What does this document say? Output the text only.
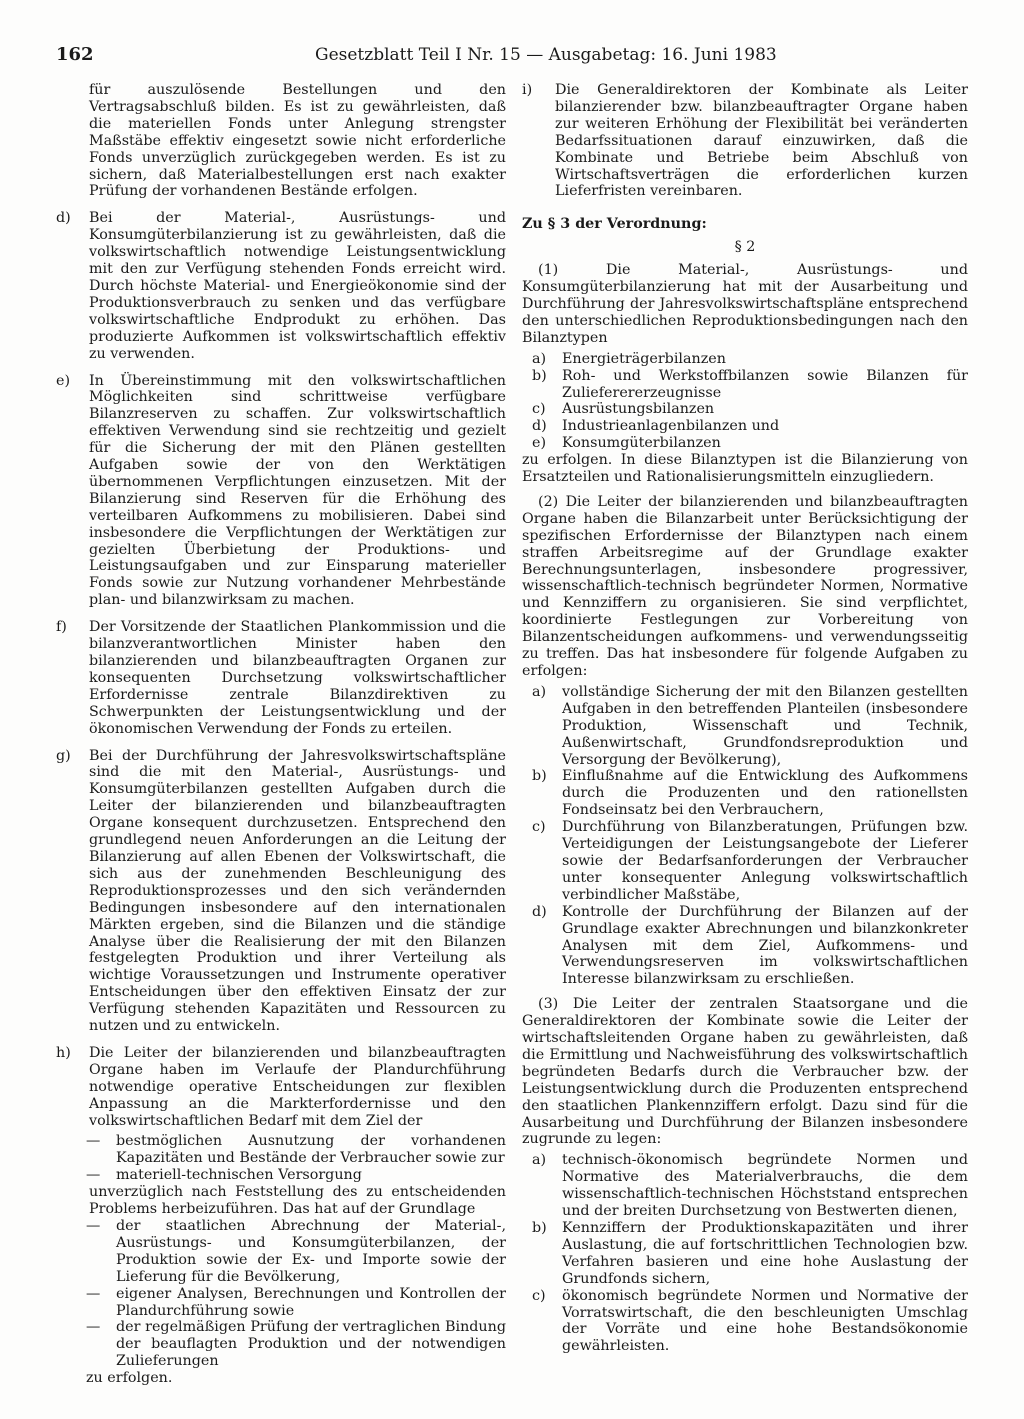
162	Gesetzblatt Teil I Nr. 15 — Ausgabetag: 16. Juni 1983
für auszulösende Bestellungen und den Vertragsabschluß bilden. Es ist zu gewährleisten, daß die materiellen Fonds unter Anlegung strengster Maßstäbe effektiv eingesetzt sowie nicht erforderliche Fonds unverzüglich zurückgegeben werden. Es ist zu sichern, daß Materialbestellungen erst nach exakter Prüfung der vorhandenen Bestände erfolgen.
d) Bei der Material-, Ausrüstungs- und Konsumgüterbilanzierung ist zu gewährleisten, daß die volkswirtschaftlich notwendige Leistungsentwicklung mit den zur Verfügung stehenden Fonds erreicht wird. Durch höchste Material- und Energieökonomie sind der Produktionsverbrauch zu senken und das verfügbare volkswirtschaftliche Endprodukt zu erhöhen. Das produzierte Aufkommen ist volkswirtschaftlich effektiv zu verwenden.
e) In Übereinstimmung mit den volkswirtschaftlichen Möglichkeiten sind schrittweise verfügbare Bilanzreserven zu schaffen. Zur volkswirtschaftlich effektiven Verwendung sind sie rechtzeitig und gezielt für die Sicherung der mit den Plänen gestellten Aufgaben sowie der von den Werktätigen übernommenen Verpflichtungen einzusetzen. Mit der Bilanzierung sind Reserven für die Erhöhung des verteilbaren Aufkommens zu mobilisieren. Dabei sind insbesondere die Verpflichtungen der Werktätigen zur gezielten Überbietung der Produktions- und Leistungsaufgaben und zur Einsparung materieller Fonds sowie zur Nutzung vorhandener Mehrbestände plan- und bilanzwirksam zu machen.
f) Der Vorsitzende der Staatlichen Plankommission und die bilanzverantwortlichen Minister haben den bilanzierenden und bilanzbeauftragten Organen zur konsequenten Durchsetzung volkswirtschaftlicher Erfordernisse zentrale Bilanzdirektiven zu Schwerpunkten der Leistungsentwicklung und der ökonomischen Verwendung der Fonds zu erteilen.
g) Bei der Durchführung der Jahresvolkswirtschaftspläne sind die mit den Material-, Ausrüstungs- und Konsumgüterbilanzen gestellten Aufgaben durch die Leiter der bilanzierenden und bilanzbeauftragten Organe konsequent durchzusetzen. Entsprechend den grundlegend neuen Anforderungen an die Leitung der Bilanzierung auf allen Ebenen der Volkswirtschaft, die sich aus der zunehmenden Beschleunigung des Reproduktionsprozesses und den sich verändernden Bedingungen insbesondere auf den internationalen Märkten ergeben, sind die Bilanzen und die ständige Analyse über die Realisierung der mit den Bilanzen festgelegten Produktion und ihrer Verteilung als wichtige Voraussetzungen und Instrumente operativer Entscheidungen über den effektiven Einsatz der zur Verfügung stehenden Kapazitäten und Ressourcen zu nutzen und zu entwickeln.
h) Die Leiter der bilanzierenden und bilanzbeauftragten Organe haben im Verlaufe der Plandurchführung notwendige operative Entscheidungen zur flexiblen Anpassung an die Markterfordernisse und den volkswirtschaftlichen Bedarf mit dem Ziel der
— bestmöglichen Ausnutzung der vorhandenen Kapazitäten und Bestände der Verbraucher sowie zur
— materiell-technischen Versorgung
unverzüglich nach Feststellung des zu entscheidenden Problems herbeizuführen. Das hat auf der Grundlage
— der staatlichen Abrechnung der Material-, Ausrüstungs- und Konsumgüterbilanzen, der Produktion sowie der Ex- und Importe sowie der Lieferung für die Bevölkerung,
— eigener Analysen, Berechnungen und Kontrollen der Plandurchführung sowie
— der regelmäßigen Prüfung der vertraglichen Bindung der beauflagten Produktion und der notwendigen Zulieferungen
zu erfolgen.
i) Die Generaldirektoren der Kombinate als Leiter bilanzierender bzw. bilanzbeauftragter Organe haben zur weiteren Erhöhung der Flexibilität bei veränderten Bedarfssituationen darauf einzuwirken, daß die Kombinate und Betriebe beim Abschluß von Wirtschaftsverträgen die erforderlichen kurzen Lieferfristen vereinbaren.

Zu § 3 der Verordnung:

§ 2

(1) Die Material-, Ausrüstungs- und Konsumgüterbilanzierung hat mit der Ausarbeitung und Durchführung der Jahresvolkswirtschaftspläne entsprechend den unterschiedlichen Reproduktionsbedingungen nach den Bilanztypen

a) Energieträgerbilanzen
b) Roh- und Werkstoffbilanzen sowie Bilanzen für Zulieferererzeugnisse
c) Ausrüstungsbilanzen
d) Industrieanlagenbilanzen und
e) Konsumgüterbilanzen

zu erfolgen. In diese Bilanztypen ist die Bilanzierung von Ersatzteilen und Rationalisierungsmitteln einzugliedern.

(2) Die Leiter der bilanzierenden und bilanzbeauftragten Organe haben die Bilanzarbeit unter Berücksichtigung der spezifischen Erfordernisse der Bilanztypen nach einem straffen Arbeitsregime auf der Grundlage exakter Berechnungsunterlagen, insbesondere progressiver, wissenschaftlich-technisch begründeter Normen, Normative und Kennziffern zu organisieren. Sie sind verpflichtet, koordinierte Festlegungen zur Vorbereitung von Bilanzentscheidungen aufkommens- und verwendungsseitig zu treffen. Das hat insbesondere für folgende Aufgaben zu erfolgen:

a) vollständige Sicherung der mit den Bilanzen gestellten Aufgaben in den betreffenden Planteilen (insbesondere Produktion, Wissenschaft und Technik, Außenwirtschaft, Grundfondsreproduktion und Versorgung der Bevölkerung),
b) Einflußnahme auf die Entwicklung des Aufkommens durch die Produzenten und den rationellsten Fondseinsatz bei den Verbrauchern,
c) Durchführung von Bilanzberatungen, Prüfungen bzw. Verteidigungen der Leistungsangebote der Lieferer sowie der Bedarfsanforderungen der Verbraucher unter konsequenter Anlegung volkswirtschaftlich verbindlicher Maßstäbe,
d) Kontrolle der Durchführung der Bilanzen auf der Grundlage exakter Abrechnungen und bilanzkonkreter Analysen mit dem Ziel, Aufkommens- und Verwendungsreserven im volkswirtschaftlichen Interesse bilanzwirksam zu erschließen.

(3) Die Leiter der zentralen Staatsorgane und die Generaldirektoren der Kombinate sowie die Leiter der wirtschaftsleitenden Organe haben zu gewährleisten, daß die Ermittlung und Nachweisführung des volkswirtschaftlich begründeten Bedarfs durch die Verbraucher bzw. der Leistungsentwicklung durch die Produzenten entsprechend den staatlichen Plankennziffern erfolgt. Dazu sind für die Ausarbeitung und Durchführung der Bilanzen insbesondere zugrunde zu legen:

a) technisch-ökonomisch begründete Normen und Normative des Materialverbrauchs, die dem wissenschaftlich-technischen Höchststand entsprechen und der breiten Durchsetzung von Bestwerten dienen,
b) Kennziffern der Produktionskapazitäten und ihrer Auslastung, die auf fortschrittlichen Technologien bzw. Verfahren basieren und eine hohe Auslastung der Grundfonds sichern,
c) ökonomisch begründete Normen und Normative der Vorratswirtschaft, die den beschleunigten Umschlag der Vorräte und eine hohe Bestandsökonomie gewährleisten.
